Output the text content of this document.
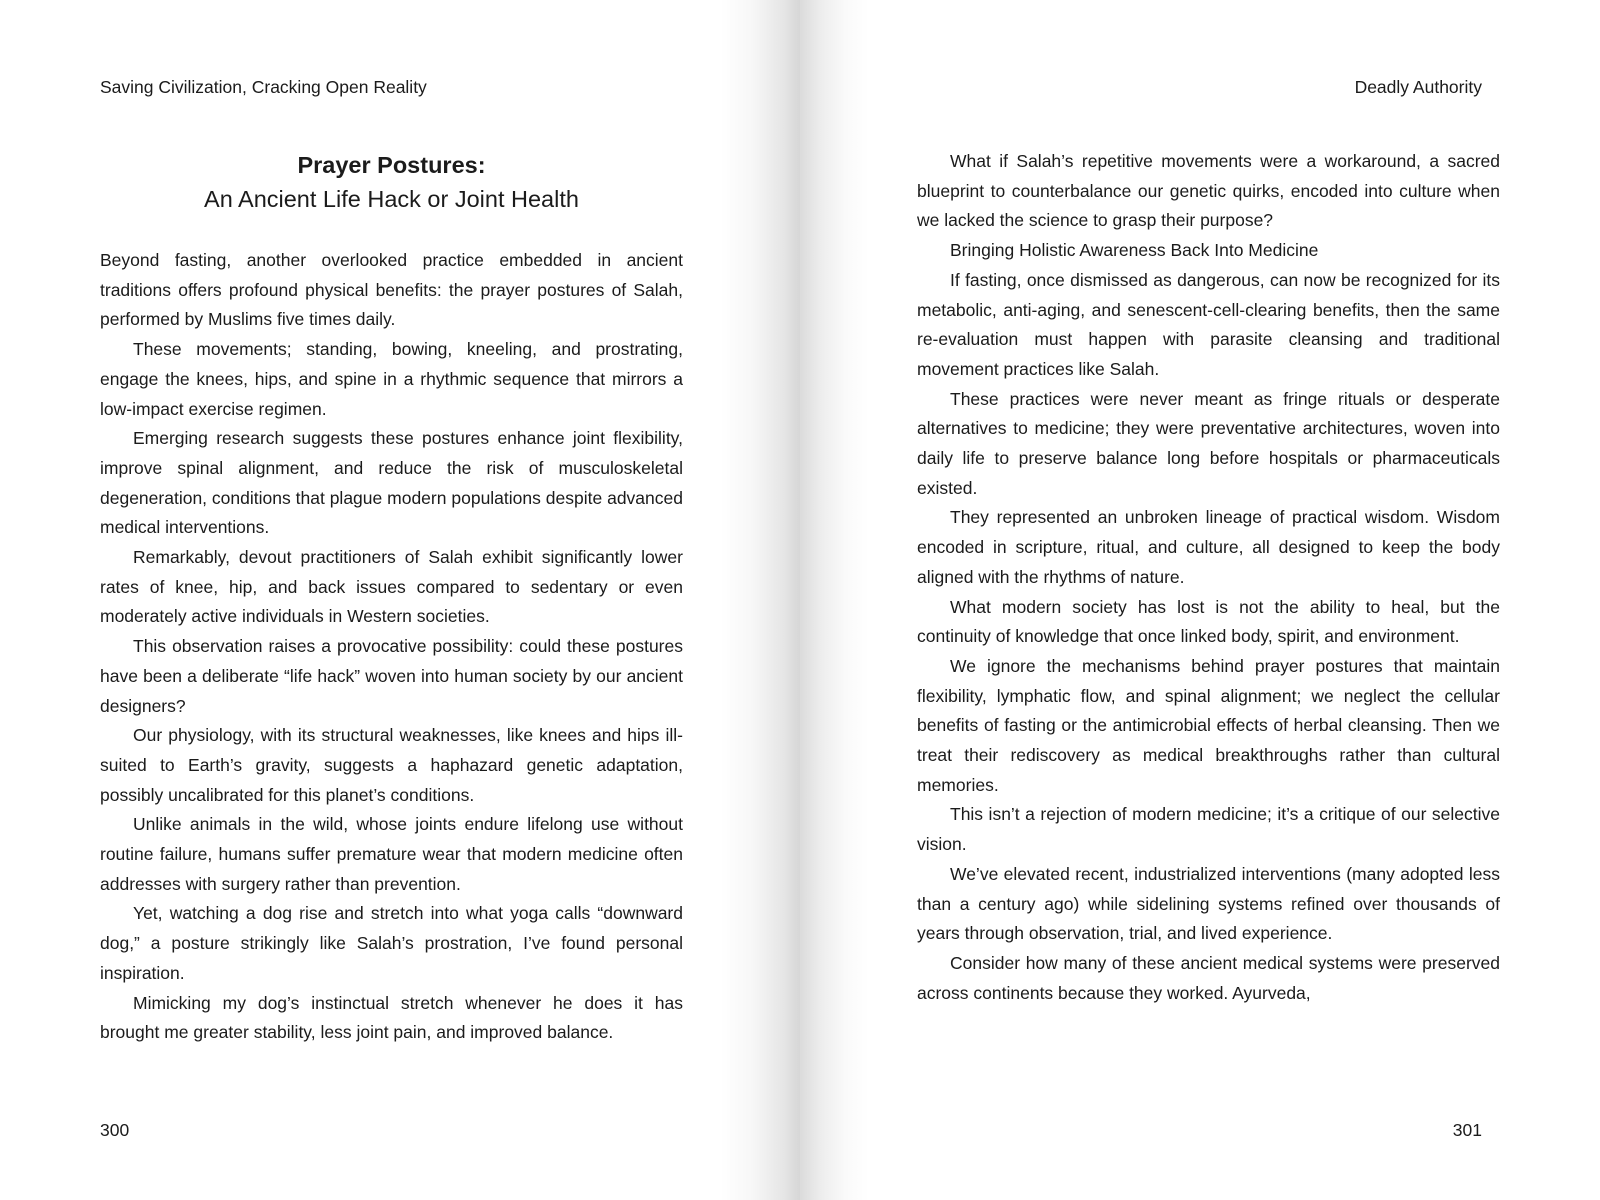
Saving Civilization, Cracking Open Reality
Prayer Postures:
An Ancient Life Hack or Joint Health

Beyond fasting, another overlooked practice embedded in ancient traditions offers profound physical benefits: the prayer postures of Salah, performed by Muslims five times daily.

These movements; standing, bowing, kneeling, and prostrating, engage the knees, hips, and spine in a rhythmic sequence that mirrors a low-impact exercise regimen.

Emerging research suggests these postures enhance joint flexibility, improve spinal alignment, and reduce the risk of musculoskeletal degeneration, conditions that plague modern populations despite advanced medical interventions.

Remarkably, devout practitioners of Salah exhibit significantly lower rates of knee, hip, and back issues compared to sedentary or even moderately active individuals in Western societies.

This observation raises a provocative possibility: could these postures have been a deliberate “life hack” woven into human society by our ancient designers?

Our physiology, with its structural weaknesses, like knees and hips ill-suited to Earth’s gravity, suggests a haphazard genetic adaptation, possibly uncalibrated for this planet’s conditions.

Unlike animals in the wild, whose joints endure lifelong use without routine failure, humans suffer premature wear that modern medicine often addresses with surgery rather than prevention.

Yet, watching a dog rise and stretch into what yoga calls “downward dog,” a posture strikingly like Salah’s prostration, I’ve found personal inspiration.

Mimicking my dog’s instinctual stretch whenever he does it has brought me greater stability, less joint pain, and improved balance.

300
Deadly Authority

What if Salah’s repetitive movements were a workaround, a sacred blueprint to counterbalance our genetic quirks, encoded into culture when we lacked the science to grasp their purpose?

Bringing Holistic Awareness Back Into Medicine

If fasting, once dismissed as dangerous, can now be recognized for its metabolic, anti-aging, and senescent-cell-clearing benefits, then the same re-evaluation must happen with parasite cleansing and traditional movement practices like Salah.

These practices were never meant as fringe rituals or desperate alternatives to medicine; they were preventative architectures, woven into daily life to preserve balance long before hospitals or pharmaceuticals existed.

They represented an unbroken lineage of practical wisdom. Wisdom encoded in scripture, ritual, and culture, all designed to keep the body aligned with the rhythms of nature.

What modern society has lost is not the ability to heal, but the continuity of knowledge that once linked body, spirit, and environment.

We ignore the mechanisms behind prayer postures that maintain flexibility, lymphatic flow, and spinal alignment; we neglect the cellular benefits of fasting or the antimicrobial effects of herbal cleansing. Then we treat their rediscovery as medical breakthroughs rather than cultural memories.

This isn’t a rejection of modern medicine; it’s a critique of our selective vision.

We’ve elevated recent, industrialized interventions (many adopted less than a century ago) while sidelining systems refined over thousands of years through observation, trial, and lived experience.

Consider how many of these ancient medical systems were preserved across continents because they worked. Ayurveda,

301
